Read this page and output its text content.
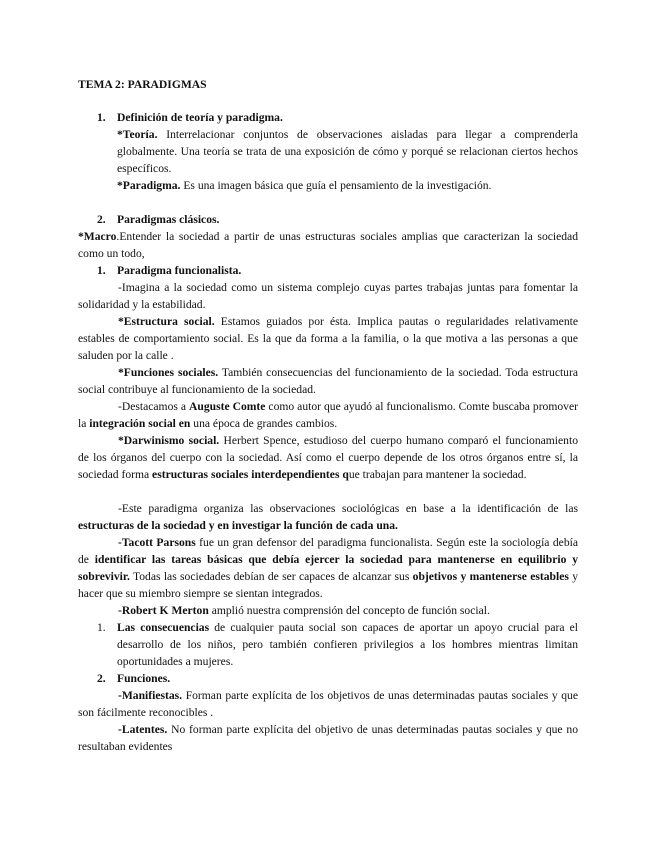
TEMA 2: PARADIGMAS
1. Definición de teoría y paradigma.

*Teoría. Interrelacionar conjuntos de observaciones aisladas para llegar a comprenderla globalmente. Una teoría se trata de una exposición de cómo y porqué se relacionan ciertos hechos específicos.

*Paradigma. Es una imagen básica que guía el pensamiento de la investigación.

2. Paradigmas clásicos.

*Macro.Entender la sociedad a partir de unas estructuras sociales amplias que caracterizan la sociedad como un todo,

1. Paradigma funcionalista.

-Imagina a la sociedad como un sistema complejo cuyas partes trabajas juntas para fomentar la solidaridad y la estabilidad.

*Estructura social. Estamos guiados por ésta. Implica pautas o regularidades relativamente estables de comportamiento social. Es la que da forma a la familia, o la que motiva a las personas a que saluden por la calle .

*Funciones sociales. También consecuencias del funcionamiento de la sociedad. Toda estructura social contribuye al funcionamiento de la sociedad.

-Destacamos a Auguste Comte como autor que ayudó al funcionalismo. Comte buscaba promover la integración social en una época de grandes cambios.

*Darwinismo social. Herbert Spence, estudioso del cuerpo humano comparó el funcionamiento de los órganos del cuerpo con la sociedad. Así como el cuerpo depende de los otros órganos entre sí, la sociedad forma estructuras sociales interdependientes que trabajan para mantener la sociedad.

-Este paradigma organiza las observaciones sociológicas en base a la identificación de las estructuras de la sociedad y en investigar la función de cada una.

-Tacott Parsons fue un gran defensor del paradigma funcionalista. Según este la sociología debía de identificar las tareas básicas que debía ejercer la sociedad para mantenerse en equilibrio y sobrevivir. Todas las sociedades debían de ser capaces de alcanzar sus objetivos y mantenerse estables y hacer que su miembro siempre se sientan integrados.

-Robert K Merton amplió nuestra comprensión del concepto de función social.

1. Las consecuencias de cualquier pauta social son capaces de aportar un apoyo crucial para el desarrollo de los niños, pero también confieren privilegios a los hombres mientras limitan oportunidades a mujeres.

2. Funciones.

-Manifiestas. Forman parte explícita de los objetivos de unas determinadas pautas sociales y que son fácilmente reconocibles .

-Latentes. No forman parte explícita del objetivo de unas determinadas pautas sociales y que no resultaban evidentes
